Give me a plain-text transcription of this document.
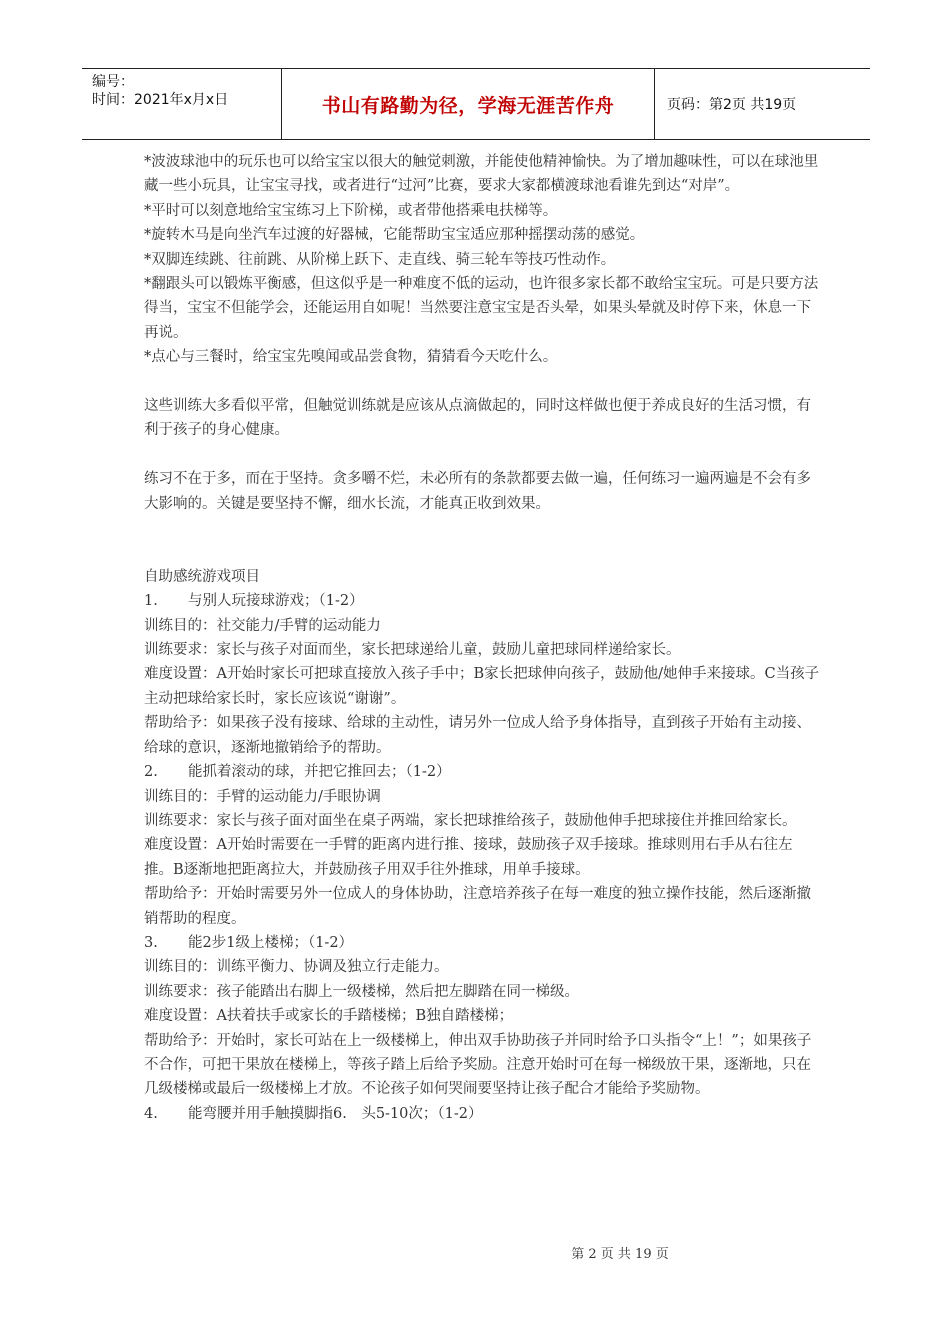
编号：
时间：2021年x月x日	书山有路勤为径，学海无涯苦作舟	页码：第2页 共19页

*波波球池中的玩乐也可以给宝宝以很大的触觉刺激，并能使他精神愉快。为了增加趣味性，可以在球池里藏一些小玩具，让宝宝寻找，或者进行“过河”比赛，要求大家都横渡球池看谁先到达“对岸”。

*平时可以刻意地给宝宝练习上下阶梯，或者带他搭乘电扶梯等。

*旋转木马是向坐汽车过渡的好器械，它能帮助宝宝适应那种摇摆动荡的感觉。

*双脚连续跳、往前跳、从阶梯上跃下、走直线、骑三轮车等技巧性动作。

*翻跟头可以锻炼平衡感，但这似乎是一种难度不低的运动，也许很多家长都不敢给宝宝玩。可是只要方法得当，宝宝不但能学会，还能运用自如呢！当然要注意宝宝是否头晕，如果头晕就及时停下来，休息一下再说。

*点心与三餐时，给宝宝先嗅闻或品尝食物，猜猜看今天吃什么。

这些训练大多看似平常，但触觉训练就是应该从点滴做起的，同时这样做也便于养成良好的生活习惯，有利于孩子的身心健康。

练习不在于多，而在于坚持。贪多嚼不烂，未必所有的条款都要去做一遍，任何练习一遍两遍是不会有多大影响的。关键是要坚持不懈，细水长流，才能真正收到效果。

自助感统游戏项目

1. 与别人玩接球游戏；（1-2）

训练目的：社交能力/手臂的运动能力

训练要求：家长与孩子对面而坐，家长把球递给儿童，鼓励儿童把球同样递给家长。

难度设置：A开始时家长可把球直接放入孩子手中；B家长把球伸向孩子，鼓励他/她伸手来接球。C当孩子主动把球给家长时，家长应该说“谢谢”。

帮助给予：如果孩子没有接球、给球的主动性，请另外一位成人给予身体指导，直到孩子开始有主动接、给球的意识，逐渐地撤销给予的帮助。

2. 能抓着滚动的球，并把它推回去；（1-2）

训练目的：手臂的运动能力/手眼协调

训练要求：家长与孩子面对面坐在桌子两端，家长把球推给孩子，鼓励他伸手把球接住并推回给家长。

难度设置：A开始时需要在一手臂的距离内进行推、接球，鼓励孩子双手接球。推球则用右手从右往左推。B逐渐地把距离拉大，并鼓励孩子用双手往外推球，用单手接球。

帮助给予：开始时需要另外一位成人的身体协助，注意培养孩子在每一难度的独立操作技能，然后逐渐撤销帮助的程度。

3. 能2步1级上楼梯；（1-2）

训练目的：训练平衡力、协调及独立行走能力。

训练要求：孩子能踏出右脚上一级楼梯，然后把左脚踏在同一梯级。

难度设置：A扶着扶手或家长的手踏楼梯；B独自踏楼梯；

帮助给予：开始时，家长可站在上一级楼梯上，伸出双手协助孩子并同时给予口头指令“上！”；如果孩子不合作，可把干果放在楼梯上，等孩子踏上后给予奖励。注意开始时可在每一梯级放干果，逐渐地，只在几级楼梯或最后一级楼梯上才放。不论孩子如何哭闹要坚持让孩子配合才能给予奖励物。

4. 能弯腰并用手触摸脚指6.　头5-10次；（1-2）

第 2 页 共 19 页
